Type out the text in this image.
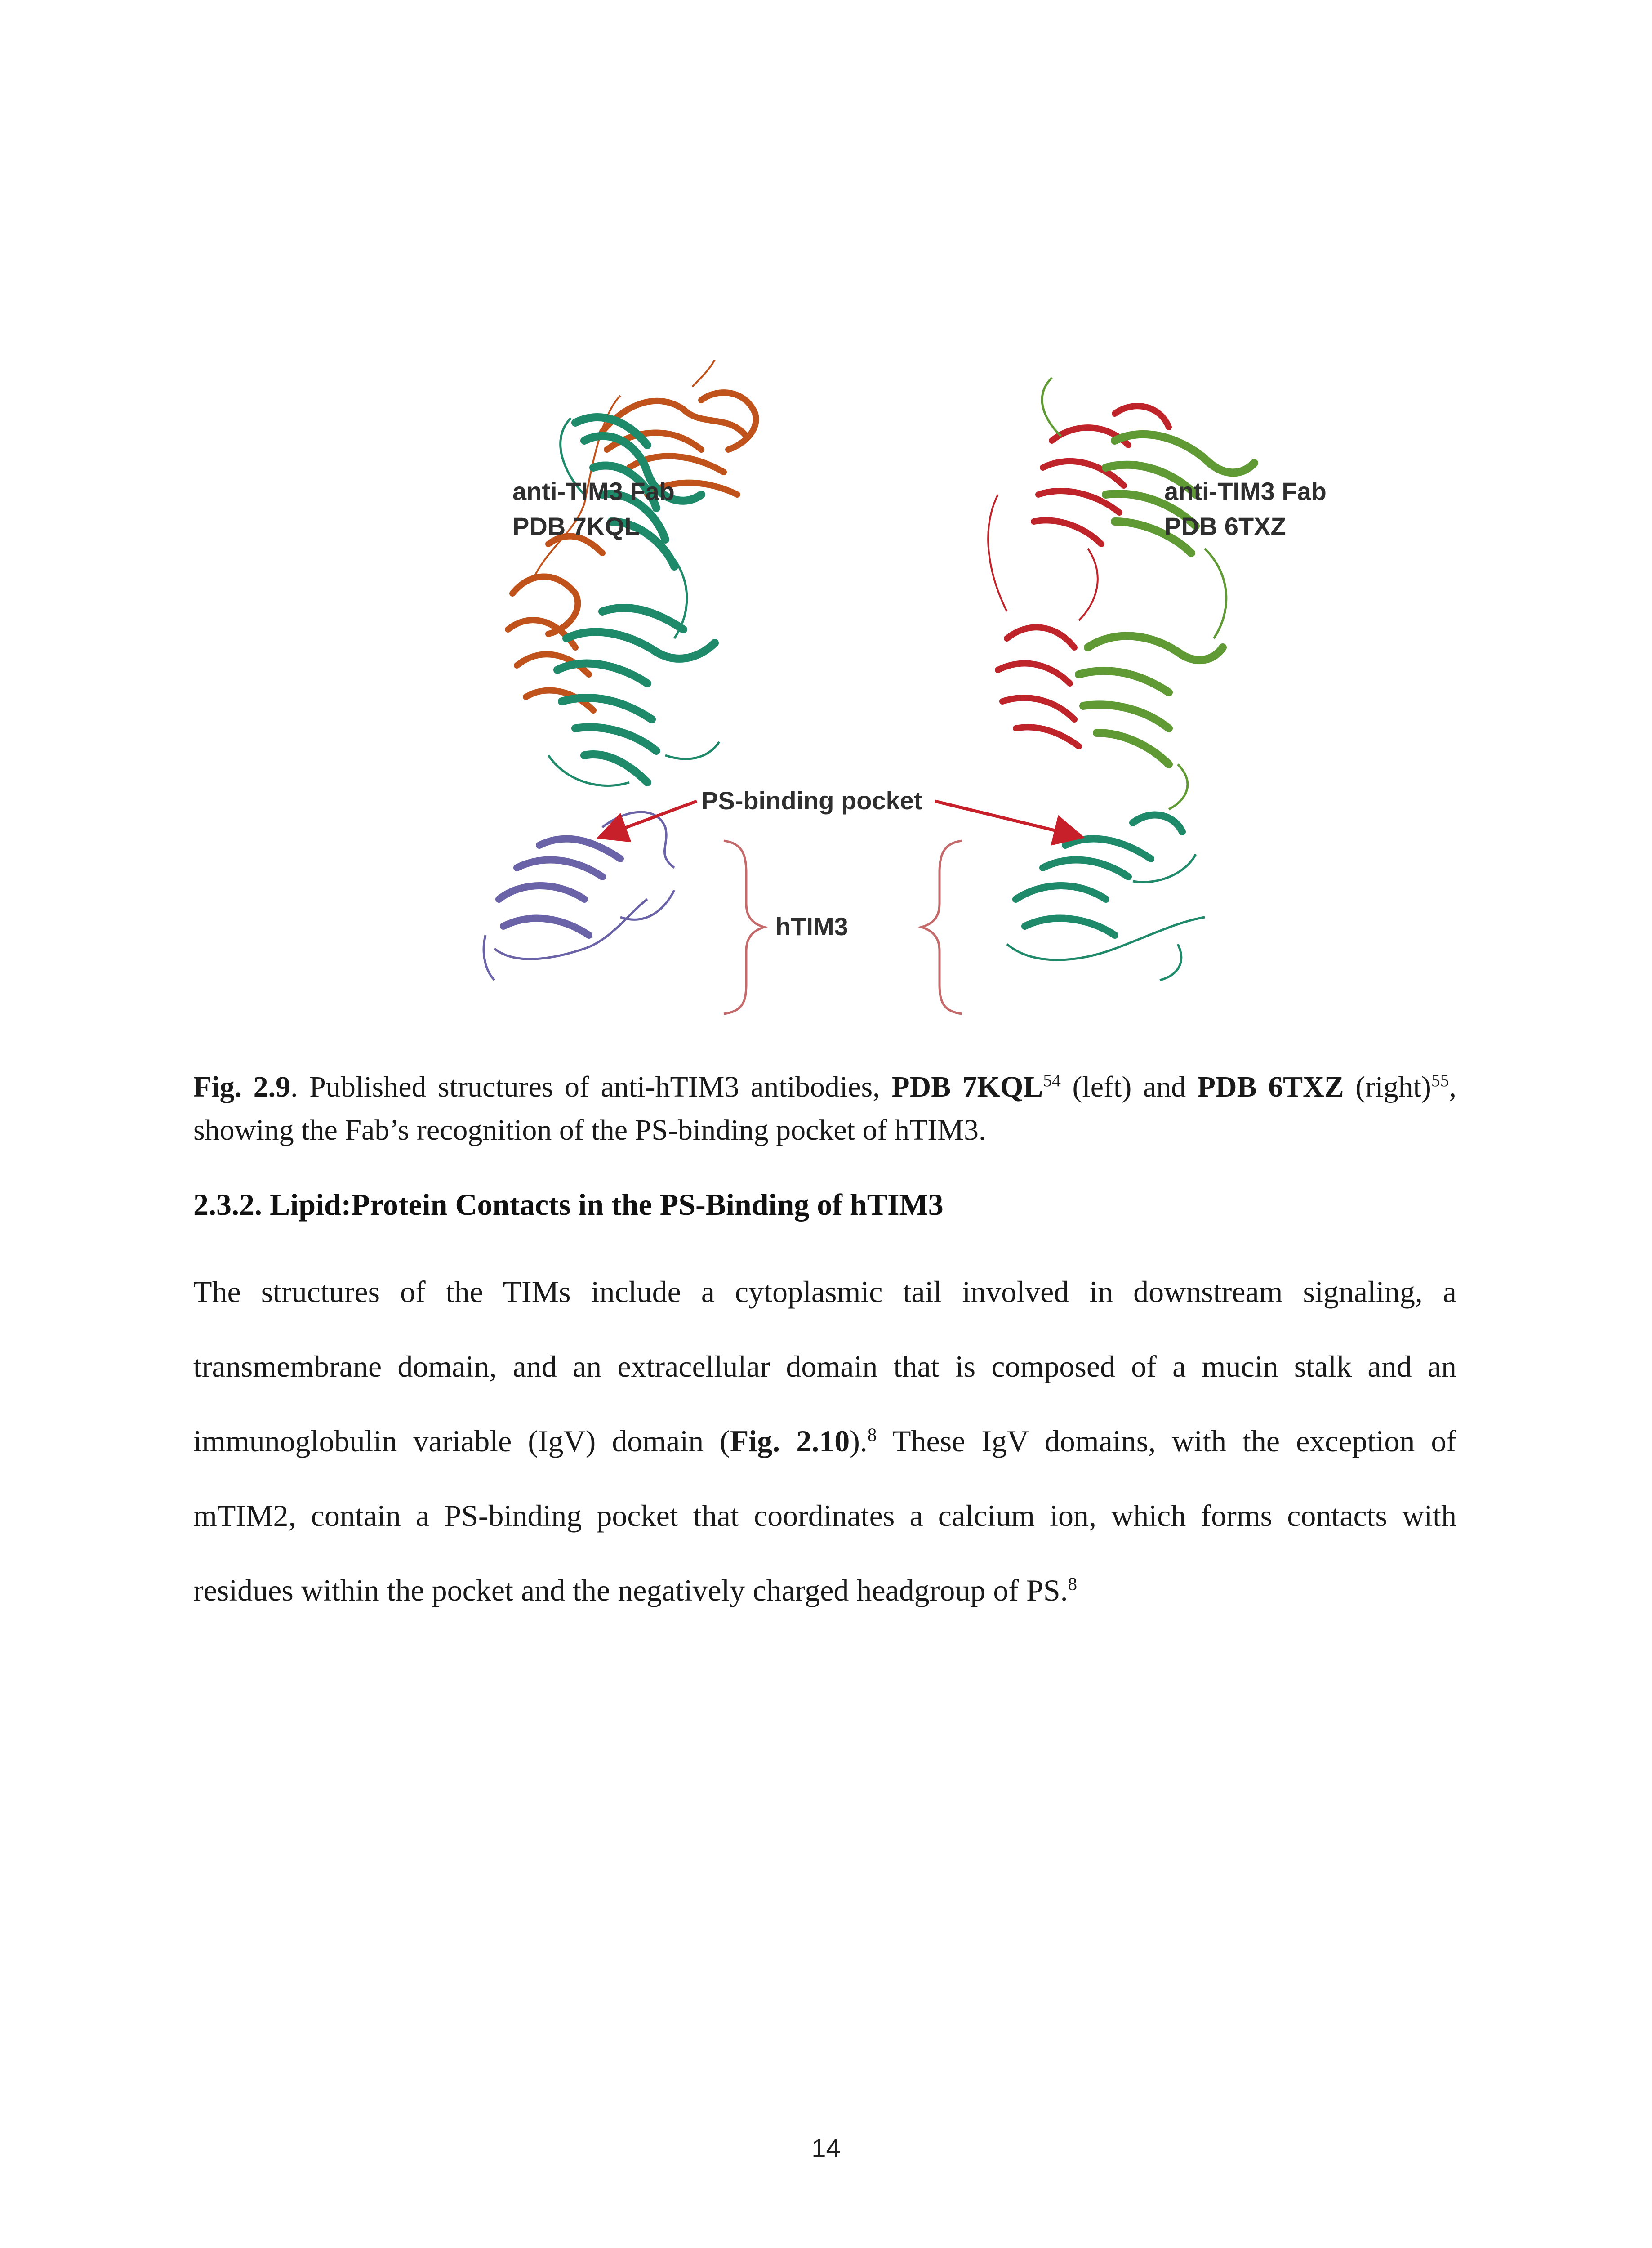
anti-TIM3 Fab
PDB 7KQL
anti-TIM3 Fab
PDB 6TXZ
PS-binding pocket
hTIM3
Fig. 2.9. Published structures of anti-hTIM3 antibodies, PDB 7KQL$^{54}$ (left) and PDB 6TXZ (right)$^{55}$, showing the Fab’s recognition of the PS-binding pocket of hTIM3.
2.3.2. Lipid:Protein Contacts in the PS-Binding of hTIM3
The structures of the TIMs include a cytoplasmic tail involved in downstream signaling, a transmembrane domain, and an extracellular domain that is composed of a mucin stalk and an immunoglobulin variable (IgV) domain (Fig. 2.10).$^8$ These IgV domains, with the exception of mTIM2, contain a PS-binding pocket that coordinates a calcium ion, which forms contacts with residues within the pocket and the negatively charged headgroup of PS.$^8$
14
